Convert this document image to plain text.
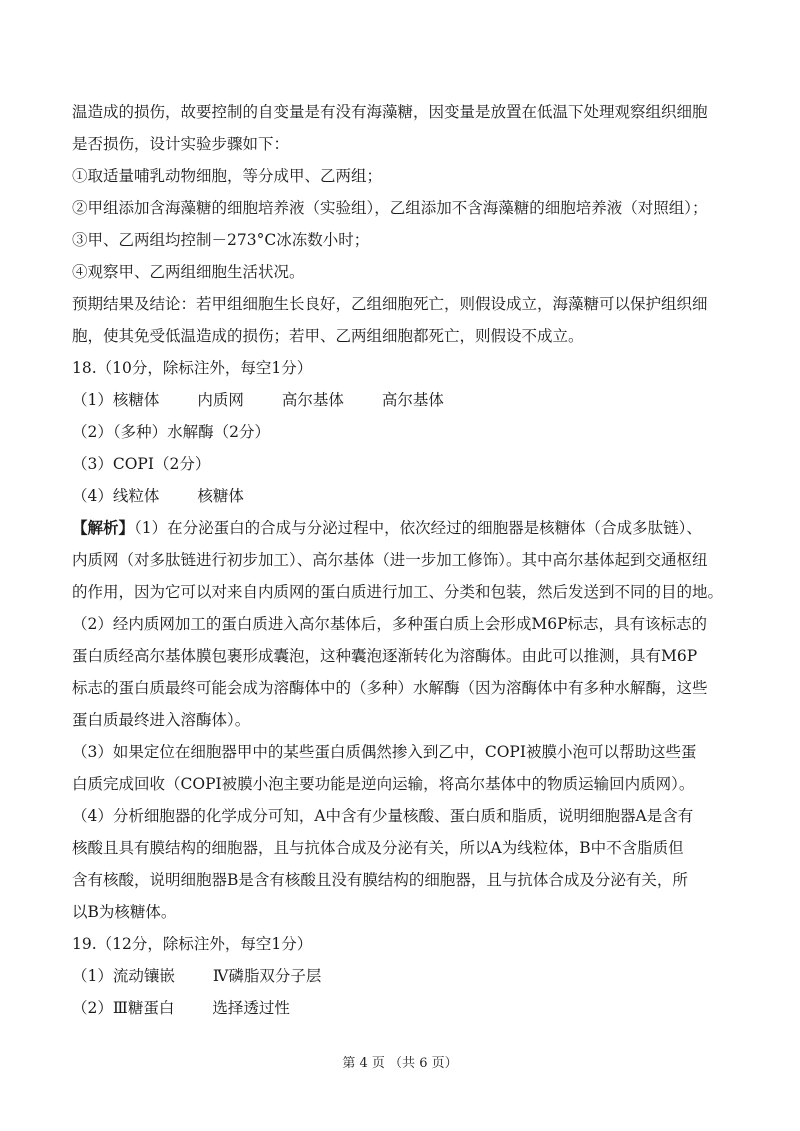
温造成的损伤，故要控制的自变量是有没有海藻糖，因变量是放置在低温下处理观察组织细胞
是否损伤，设计实验步骤如下：
①取适量哺乳动物细胞，等分成甲、乙两组；
②甲组添加含海藻糖的细胞培养液（实验组），乙组添加不含海藻糖的细胞培养液（对照组）；
③甲、乙两组均控制－273°C冰冻数小时；
④观察甲、乙两组细胞生活状况。
预期结果及结论：若甲组细胞生长良好，乙组细胞死亡，则假设成立，海藻糖可以保护组织细
胞，使其免受低温造成的损伤；若甲、乙两组细胞都死亡，则假设不成立。
18.（10分，除标注外，每空1分）
（1）核糖体 内质网 高尔基体 高尔基体
（2）（多种）水解酶（2分）
（3）COPⅠ（2分）
（4）线粒体 核糖体
【解析】（1）在分泌蛋白的合成与分泌过程中，依次经过的细胞器是核糖体（合成多肽链）、
内质网（对多肽链进行初步加工）、高尔基体（进一步加工修饰）。其中高尔基体起到交通枢纽
的作用，因为它可以对来自内质网的蛋白质进行加工、分类和包装，然后发送到不同的目的地。
（2）经内质网加工的蛋白质进入高尔基体后，多种蛋白质上会形成M6P标志，具有该标志的
蛋白质经高尔基体膜包裹形成囊泡，这种囊泡逐渐转化为溶酶体。由此可以推测，具有M6P
标志的蛋白质最终可能会成为溶酶体中的（多种）水解酶（因为溶酶体中有多种水解酶，这些
蛋白质最终进入溶酶体）。
（3）如果定位在细胞器甲中的某些蛋白质偶然掺入到乙中，COPⅠ被膜小泡可以帮助这些蛋
白质完成回收（COPⅠ被膜小泡主要功能是逆向运输，将高尔基体中的物质运输回内质网）。
（4）分析细胞器的化学成分可知，A中含有少量核酸、蛋白质和脂质，说明细胞器A是含有
核酸且具有膜结构的细胞器，且与抗体合成及分泌有关，所以A为线粒体，B中不含脂质但
含有核酸，说明细胞器B是含有核酸且没有膜结构的细胞器，且与抗体合成及分泌有关，所
以B为核糖体。
19.（12分，除标注外，每空1分）
（1）流动镶嵌 Ⅳ磷脂双分子层
（2）Ⅲ糖蛋白 选择透过性
第 4 页 （共 6 页）
